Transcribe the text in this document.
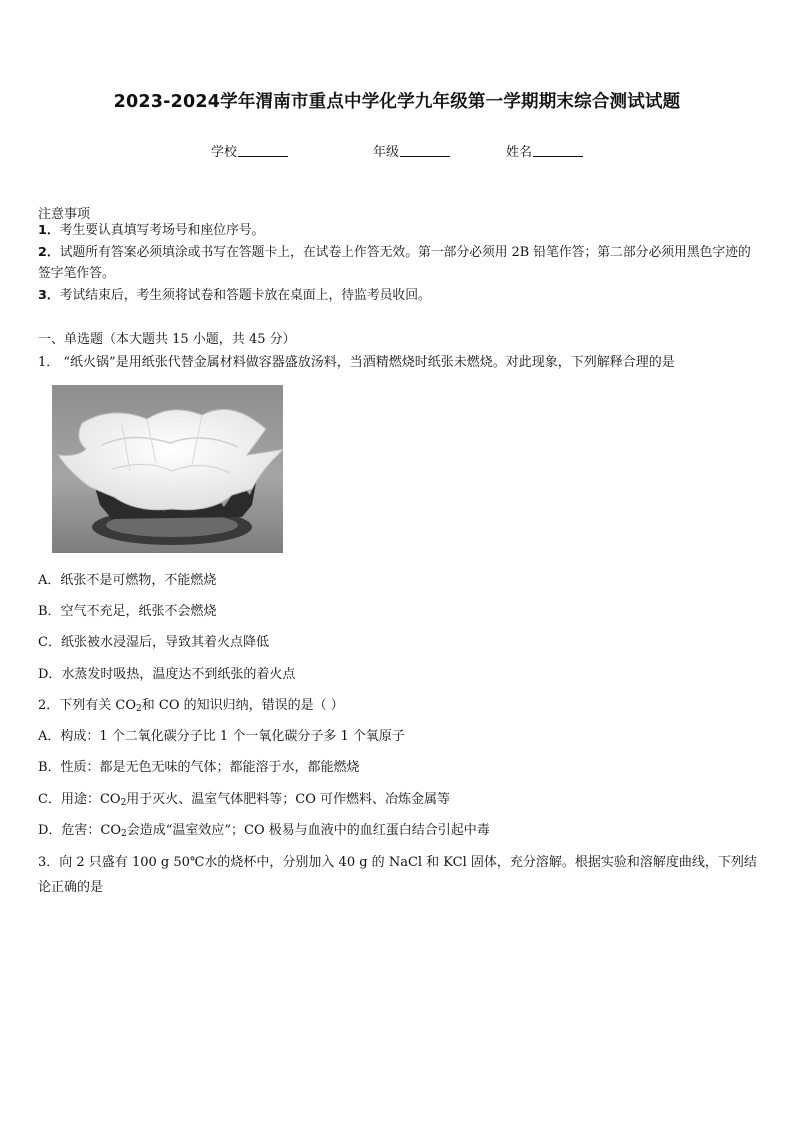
2023-2024学年渭南市重点中学化学九年级第一学期期末综合测试试题
学校	年级	姓名
注意事项
1．考生要认真填写考场号和座位序号。
2．试题所有答案必须填涂或书写在答题卡上，在试卷上作答无效。第一部分必须用 2B 铅笔作答；第二部分必须用黑色字迹的签字笔作答。
3．考试结束后，考生须将试卷和答题卡放在桌面上，待监考员收回。
一、单选题（本大题共 15 小题，共 45 分）
1． “纸火锅”是用纸张代替金属材料做容器盛放汤料，当酒精燃烧时纸张未燃烧。对此现象，下列解释合理的是
A．纸张不是可燃物，不能燃烧
B．空气不充足，纸张不会燃烧
C．纸张被水浸湿后，导致其着火点降低
D．水蒸发时吸热，温度达不到纸张的着火点
2．下列有关 $CO_2$和 CO 的知识归纳，错误的是（ ）
A．构成：1 个二氧化碳分子比 1 个一氧化碳分子多 1 个氧原子
B．性质：都是无色无味的气体；都能溶于水，都能燃烧
C．用途：$CO_2$用于灭火、温室气体肥料等；CO 可作燃料、冶炼金属等
D．危害：$CO_2$会造成“温室效应”；CO 极易与血液中的血红蛋白结合引起中毒
3．向 2 只盛有 100 g 50℃水的烧杯中，分别加入 40 g 的 NaCl 和 KCl 固体，充分溶解。根据实验和溶解度曲线，下列结论正确的是
